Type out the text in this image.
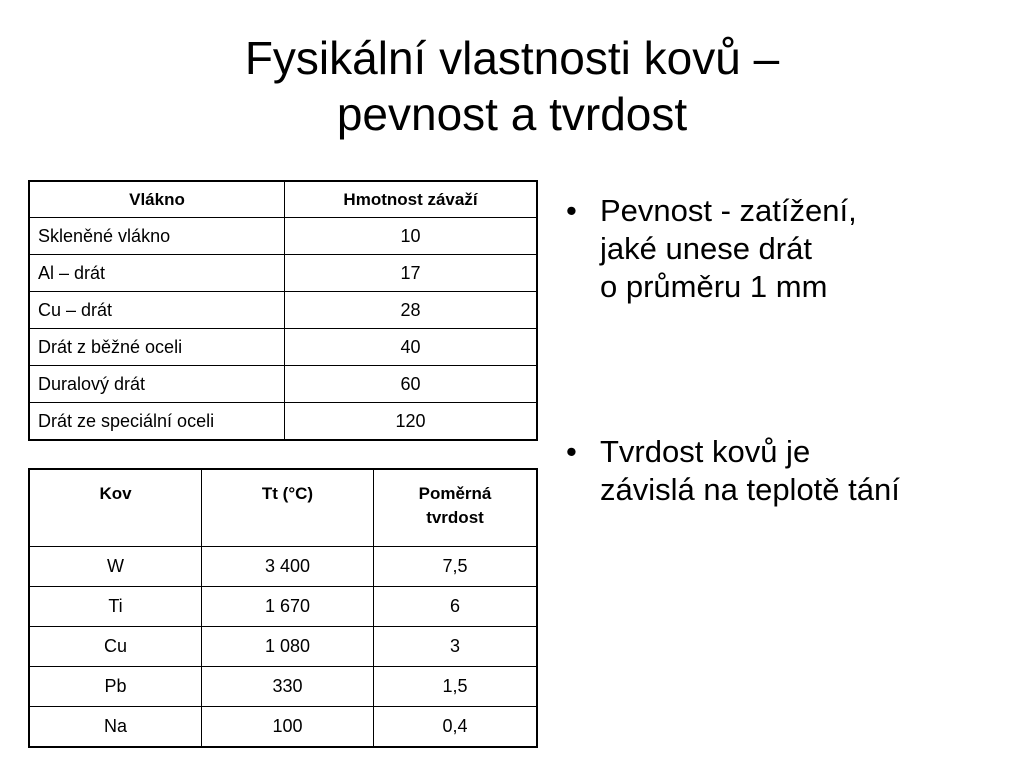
Fysikální vlastnosti kovů –
pevnost a tvrdost
Vlákno	Hmotnost závaží
Skleněné vlákno	10
Al – drát	17
Cu – drát	28
Drát z běžné oceli	40
Duralový drát	60
Drát ze speciální oceli	120
Kov	Tt (°C)	Poměrná
tvrdost
W	3 400	7,5
Ti	1 670	6
Cu	1 080	3
Pb	330	1,5
Na	100	0,4
• Pevnost - zatížení,
jaké unese drát
o průměru 1 mm
• Tvrdost kovů je
závislá na teplotě tání
